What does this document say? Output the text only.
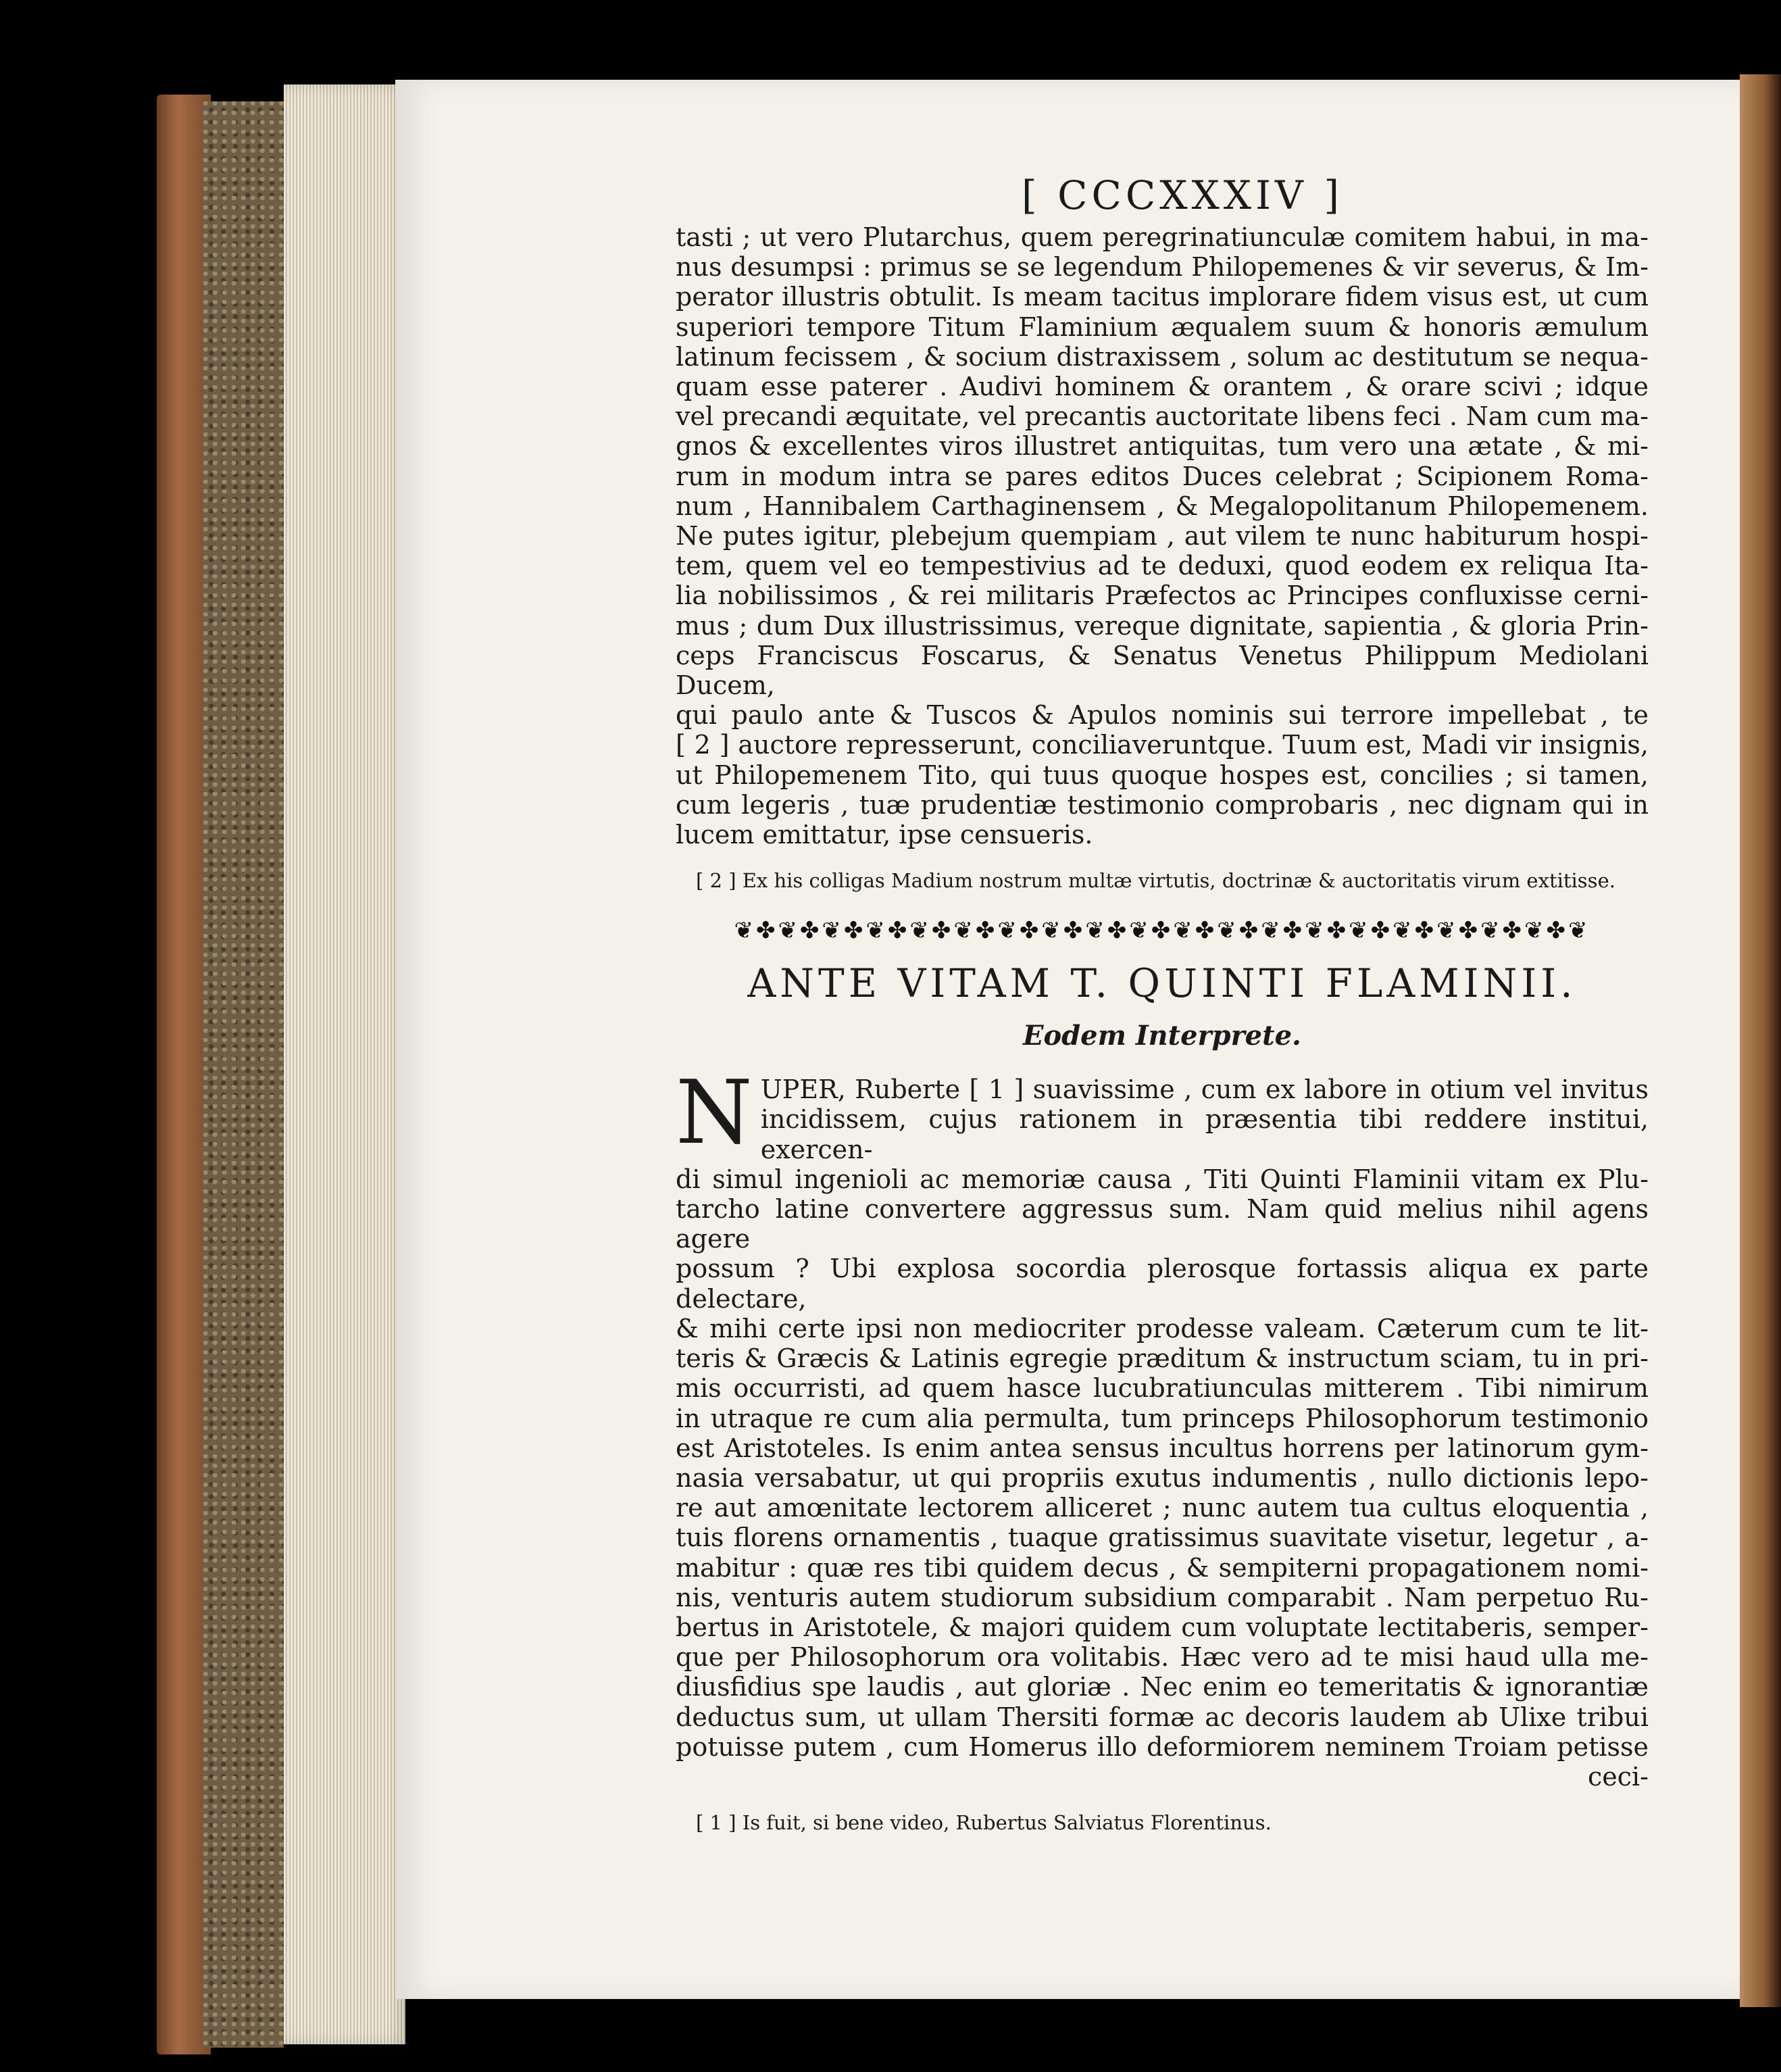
[ CCCXXXIV ]

tasti ; ut vero Plutarchus, quem peregrinatiunculæ comitem habui, in ma-

nus desumpsi : primus se se legendum Philopemenes & vir severus, & Im-

perator illustris obtulit. Is meam tacitus implorare fidem visus est, ut cum

superiori tempore Titum Flaminium æqualem suum & honoris æmulum

latinum fecissem , & socium distraxissem , solum ac destitutum se nequa-

quam esse paterer . Audivi hominem & orantem , & orare scivi ; idque

vel precandi æquitate, vel precantis auctoritate libens feci . Nam cum ma-

gnos & excellentes viros illustret antiquitas, tum vero una ætate , & mi-

rum in modum intra se pares editos Duces celebrat ; Scipionem Roma-

num , Hannibalem Carthaginensem , & Megalopolitanum Philopemenem.

Ne putes igitur, plebejum quempiam , aut vilem te nunc habiturum hospi-

tem, quem vel eo tempestivius ad te deduxi, quod eodem ex reliqua Ita-

lia nobilissimos , & rei militaris Præfectos ac Principes confluxisse cerni-

mus ; dum Dux illustrissimus, vereque dignitate, sapientia , & gloria Prin-

ceps Franciscus Foscarus, & Senatus Venetus Philippum Mediolani Ducem,

qui paulo ante & Tuscos & Apulos nominis sui terrore impellebat , te

[ 2 ] auctore represserunt, conciliaveruntque. Tuum est, Madi vir insignis,

ut Philopemenem Tito, qui tuus quoque hospes est, concilies ; si tamen,

cum legeris , tuæ prudentiæ testimonio comprobaris , nec dignam qui in

lucem emittatur, ipse censueris.

[ 2 ] Ex his colligas Madium nostrum multæ virtutis, doctrinæ & auctoritatis virum extitisse.
❦✤❦✤❦✤❦✤❦✤❦✤❦✤❦✤❦✤❦✤❦✤❦✤❦✤❦✤❦✤❦✤❦✤❦✤❦✤❦
ANTE VITAM T. QUINTI FLAMINII.
Eodem Interprete.
N UPER, Ruberte [ 1 ] suavissime , cum ex labore in otium vel invitus

incidissem, cujus rationem in præsentia tibi reddere institui, exercen-

di simul ingenioli ac memoriæ causa , Titi Quinti Flaminii vitam ex Plu-

tarcho latine convertere aggressus sum. Nam quid melius nihil agens agere

possum ? Ubi explosa socordia plerosque fortassis aliqua ex parte delectare,

& mihi certe ipsi non mediocriter prodesse valeam. Cæterum cum te lit-

teris & Græcis & Latinis egregie præditum & instructum sciam, tu in pri-

mis occurristi, ad quem hasce lucubratiunculas mitterem . Tibi nimirum

in utraque re cum alia permulta, tum princeps Philosophorum testimonio

est Aristoteles. Is enim antea sensus incultus horrens per latinorum gym-

nasia versabatur, ut qui propriis exutus indumentis , nullo dictionis lepo-

re aut amœnitate lectorem alliceret ; nunc autem tua cultus eloquentia ,

tuis florens ornamentis , tuaque gratissimus suavitate visetur, legetur , a-

mabitur : quæ res tibi quidem decus , & sempiterni propagationem nomi-

nis, venturis autem studiorum subsidium comparabit . Nam perpetuo Ru-

bertus in Aristotele, & majori quidem cum voluptate lectitaberis, semper-

que per Philosophorum ora volitabis. Hæc vero ad te misi haud ulla me-

diusfidius spe laudis , aut gloriæ . Nec enim eo temeritatis & ignorantiæ

deductus sum, ut ullam Thersiti formæ ac decoris laudem ab Ulixe tribui

potuisse putem , cum Homerus illo deformiorem neminem Troiam petisse

ceci-

[ 1 ] Is fuit, si bene video, Rubertus Salviatus Florentinus.
